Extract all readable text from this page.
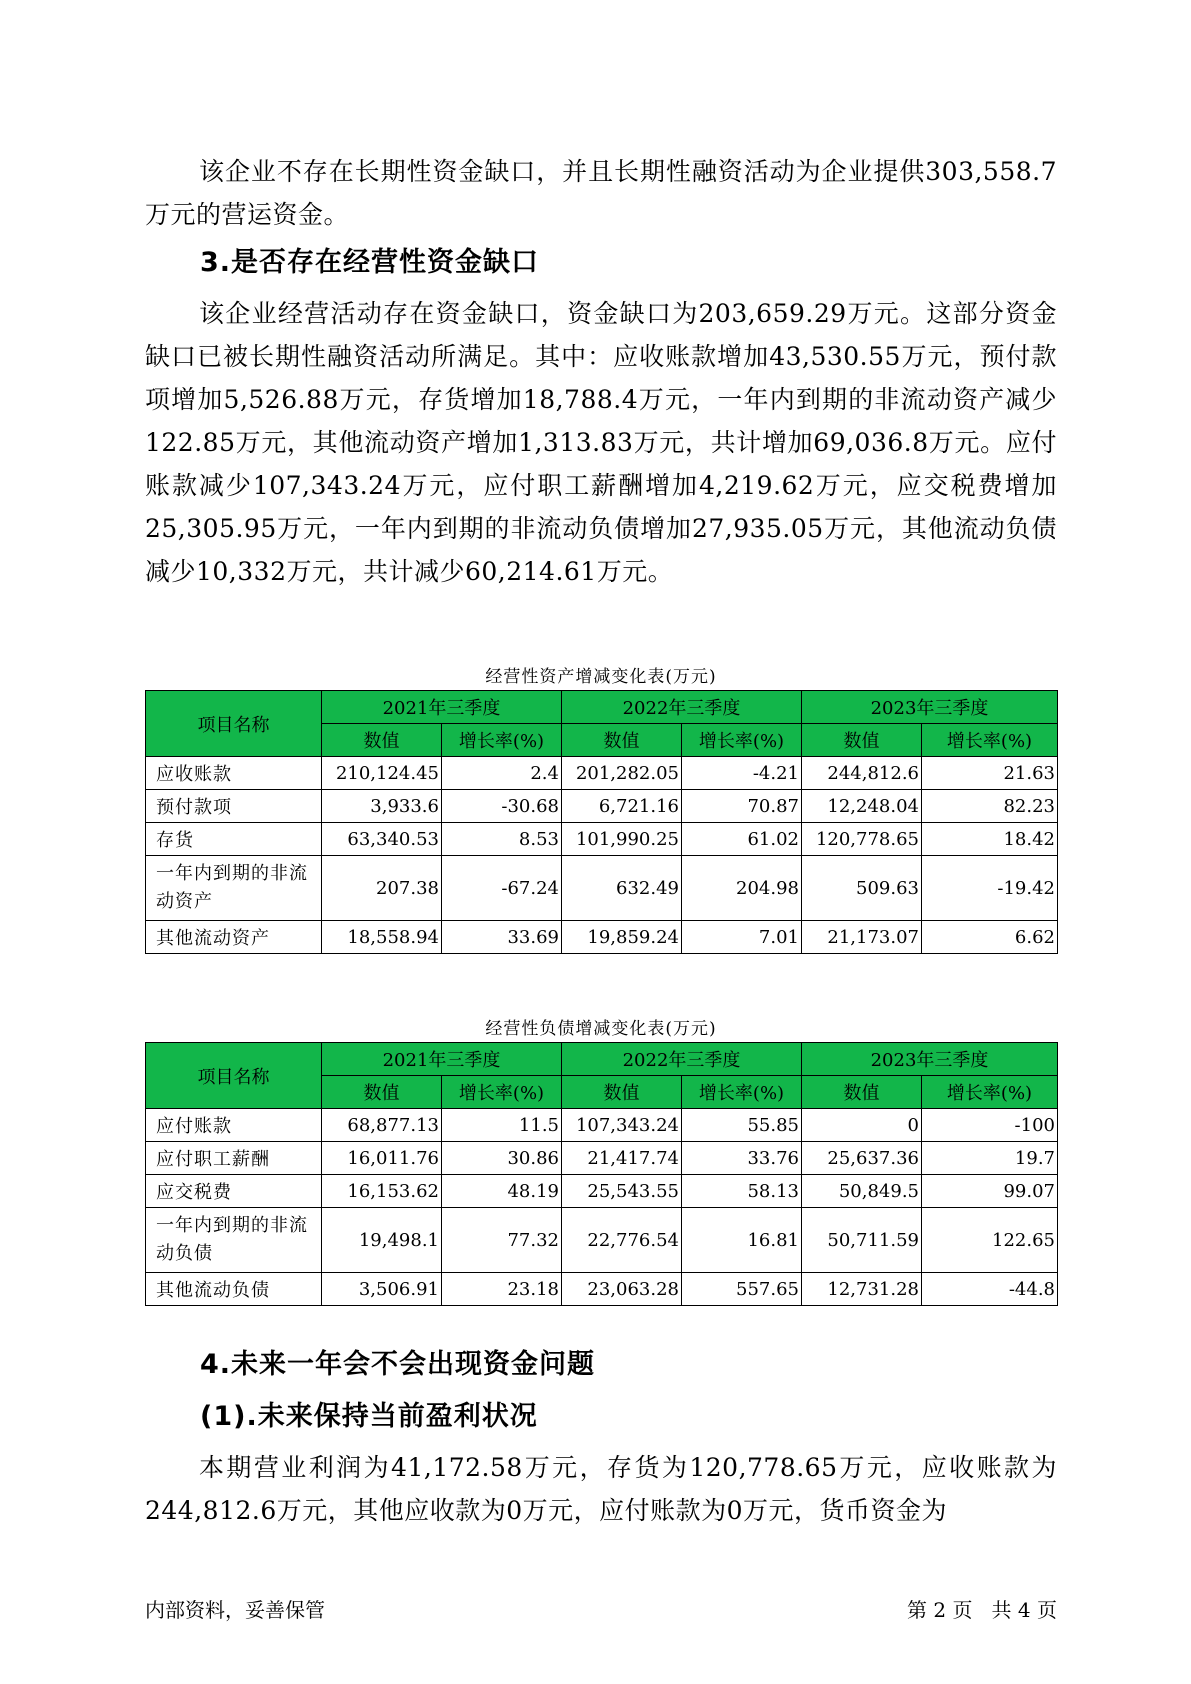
该企业不存在长期性资金缺口，并且长期性融资活动为企业提供303,558.7万元的营运资金。

3.是否存在经营性资金缺口

该企业经营活动存在资金缺口，资金缺口为203,659.29万元。这部分资金缺口已被长期性融资活动所满足。其中：应收账款增加43,530.55万元，预付款项增加5,526.88万元，存货增加18,788.4万元，一年内到期的非流动资产减少122.85万元，其他流动资产增加1,313.83万元，共计增加69,036.8万元。应付账款减少107,343.24万元，应付职工薪酬增加4,219.62万元，应交税费增加25,305.95万元，一年内到期的非流动负债增加27,935.05万元，其他流动负债减少10,332万元，共计减少60,214.61万元。

经营性资产增减变化表(万元)
项目名称	2021年三季度		2022年三季度		2023年三季度	
	数值	增长率(%)	数值	增长率(%)	数值	增长率(%)
应收账款	210,124.45	2.4	201,282.05	-4.21	244,812.6	21.63
预付款项	3,933.6	-30.68	6,721.16	70.87	12,248.04	82.23
存货	63,340.53	8.53	101,990.25	61.02	120,778.65	18.42
一年内到期的非流动资产	207.38	-67.24	632.49	204.98	509.63	-19.42
其他流动资产	18,558.94	33.69	19,859.24	7.01	21,173.07	6.62
经营性负债增减变化表(万元)
项目名称	2021年三季度		2022年三季度		2023年三季度	
	数值	增长率(%)	数值	增长率(%)	数值	增长率(%)
应付账款	68,877.13	11.5	107,343.24	55.85	0	-100
应付职工薪酬	16,011.76	30.86	21,417.74	33.76	25,637.36	19.7
应交税费	16,153.62	48.19	25,543.55	58.13	50,849.5	99.07
一年内到期的非流动负债	19,498.1	77.32	22,776.54	16.81	50,711.59	122.65
其他流动负债	3,506.91	23.18	23,063.28	557.65	12,731.28	-44.8
4.未来一年会不会出现资金问题
(1).未来保持当前盈利状况

本期营业利润为41,172.58万元，存货为120,778.65万元，应收账款为244,812.6万元，其他应收款为0万元，应付账款为0万元，货币资金为

内部资料，妥善保管	第 2 页   共 4 页
